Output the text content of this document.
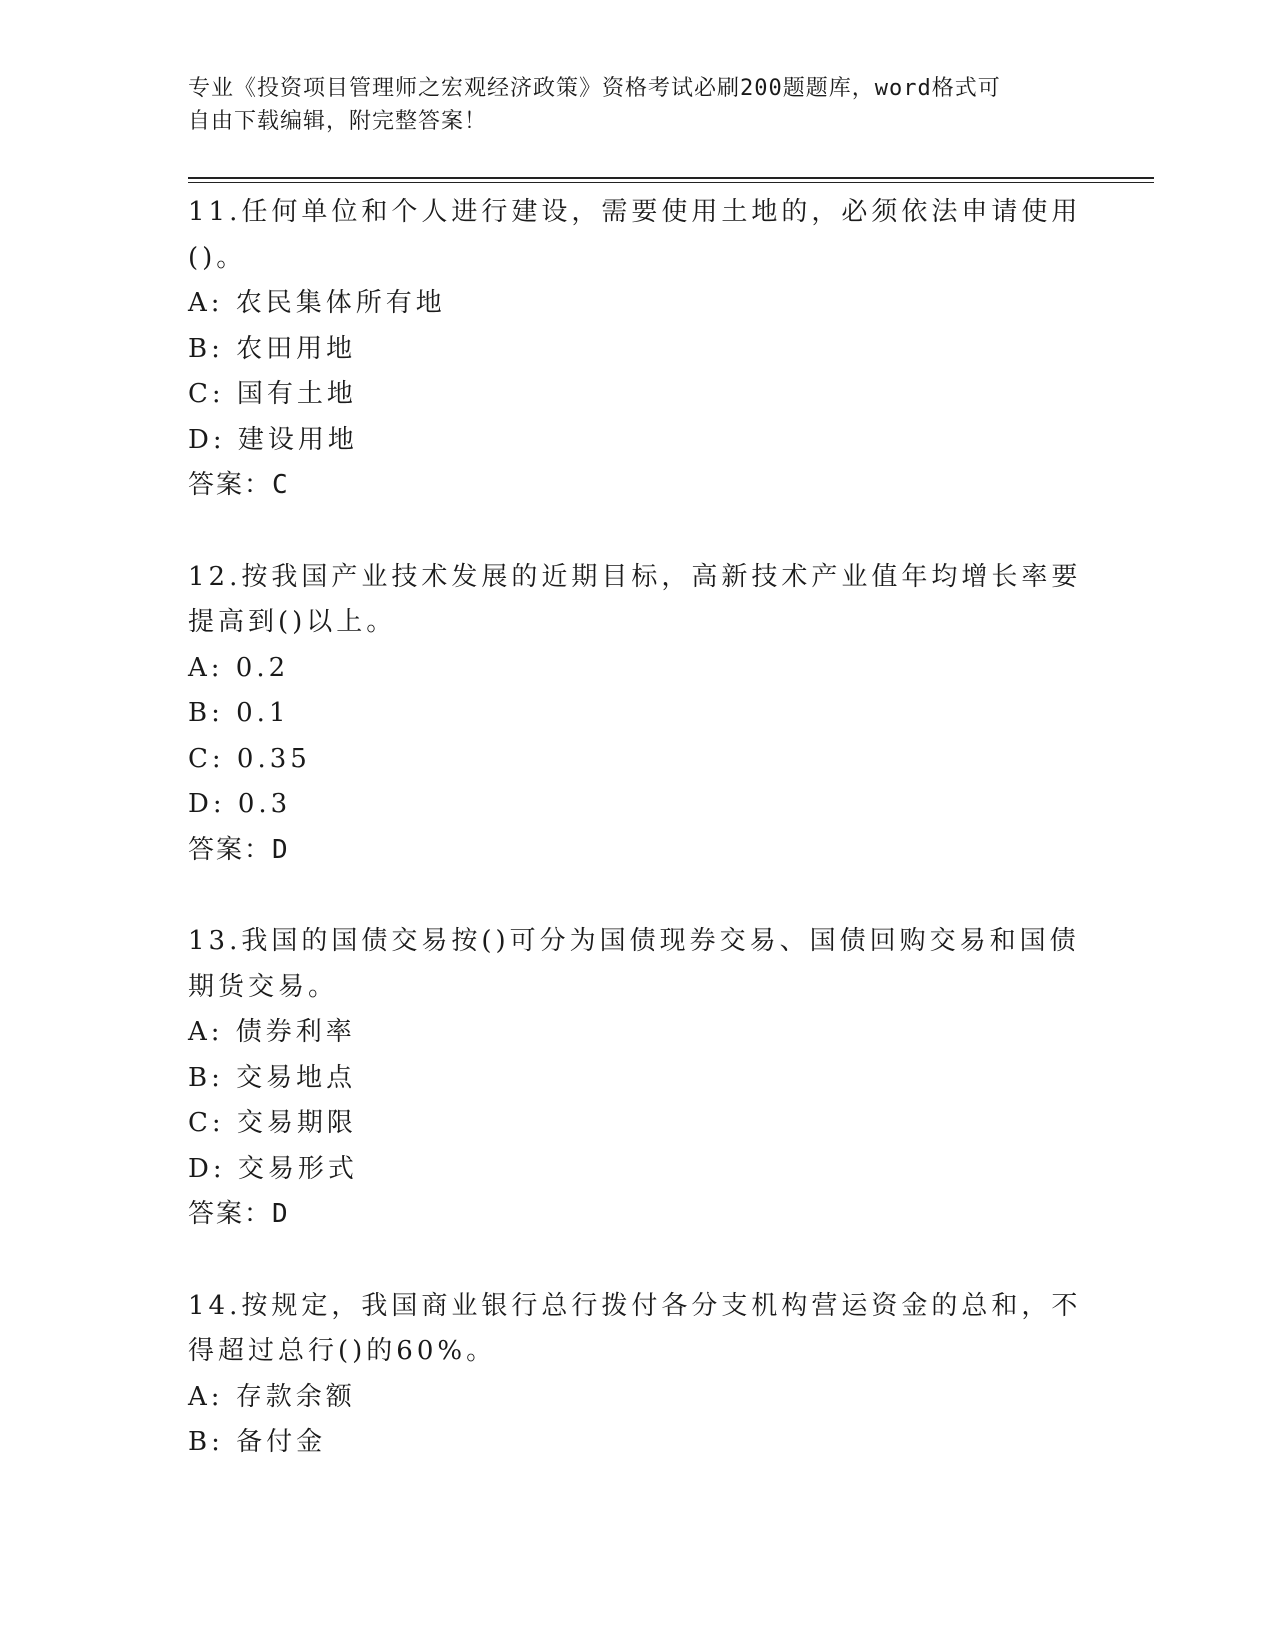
专业《投资项目管理师之宏观经济政策》资格考试必刷200题题库，word格式可
自由下载编辑，附完整答案！

11.任何单位和个人进行建设，需要使用土地的，必须依法申请使用()。

A: 农民集体所有地
B: 农田用地
C: 国有土地
D: 建设用地
答案：C

12.按我国产业技术发展的近期目标，高新技术产业值年均增长率要提高到()以上。

A: 0.2
B: 0.1
C: 0.35
D: 0.3
答案：D

13.我国的国债交易按()可分为国债现券交易、国债回购交易和国债期货交易。

A: 债券利率
B: 交易地点
C: 交易期限
D: 交易形式
答案：D

14.按规定，我国商业银行总行拨付各分支机构营运资金的总和，不得超过总行()的60%。

A: 存款余额
B: 备付金
